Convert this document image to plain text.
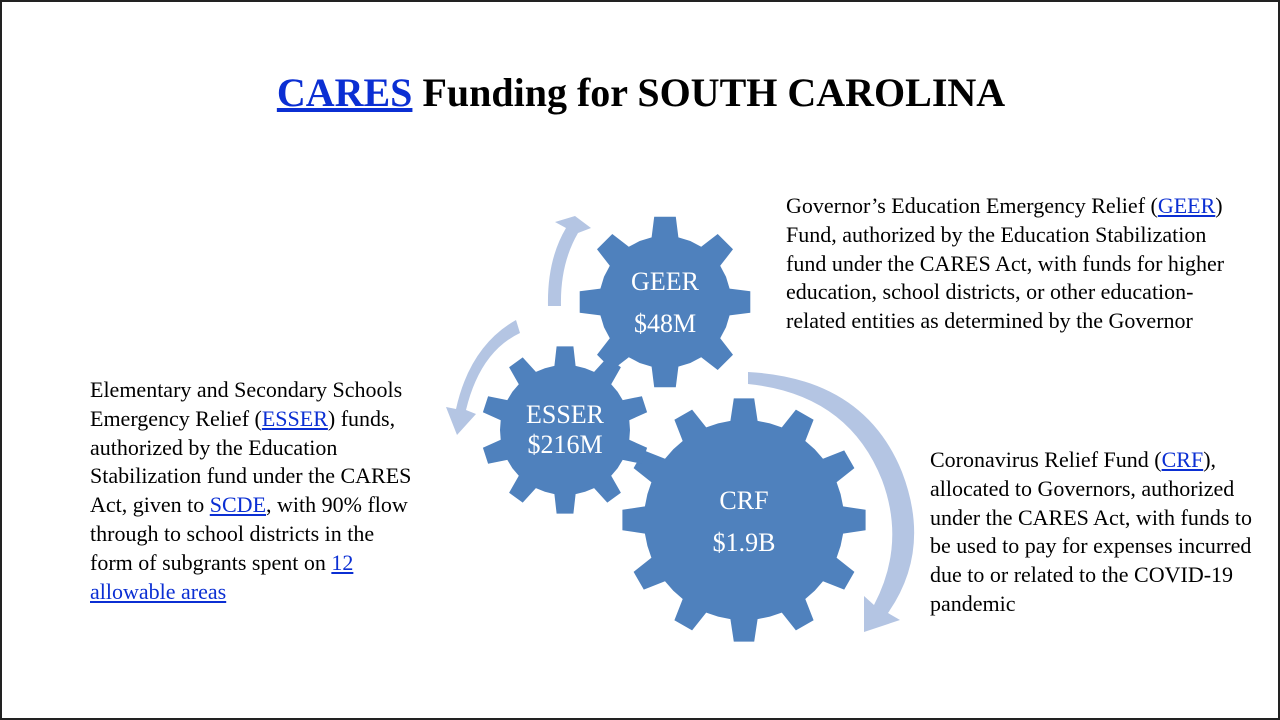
CARES Funding for SOUTH CAROLINA
GEER
$48M
ESSER
$216M
CRF
$1.9B
Governor’s Education Emergency Relief (GEER) Fund, authorized by the Education Stabilization fund under the CARES Act, with funds for higher education, school districts, or other education-related entities as determined by the Governor
Elementary and Secondary Schools Emergency Relief (ESSER) funds, authorized by the Education Stabilization fund under the CARES Act, given to SCDE, with 90% flow through to school districts in the form of subgrants spent on 12 allowable areas
Coronavirus Relief Fund (CRF), allocated to Governors, authorized under the CARES Act, with funds to be used to pay for expenses incurred due to or related to the COVID-19 pandemic
